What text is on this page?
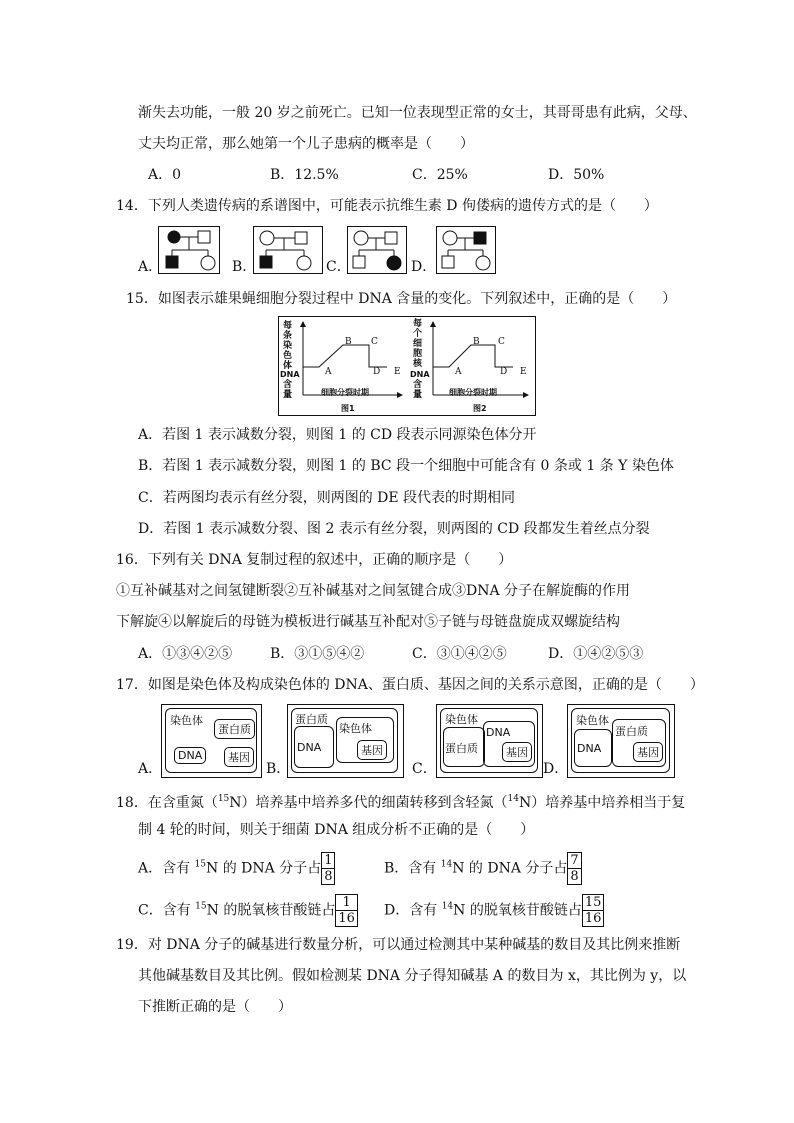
渐失去功能，一般 20 岁之前死亡。已知一位表现型正常的女士，其哥哥患有此病，父母、
丈夫均正常，那么她第一个儿子患病的概率是（　　）
A．0	B．12.5%	C．25%	D．50%
14．下列人类遗传病的系谱图中，可能表示抗维生素 D 佝偻病的遗传方式的是（　　）
A．	B．	C．	D．
15．如图表示雄果蝇细胞分裂过程中 DNA 含量的变化。下列叙述中，正确的是（　　）
每
条
染
色
体
DNA
含
量
A
B C
D E
细胞分裂时期
图1
每
个
细
胞
核
DNA
含
量
A
B C
D E
细胞分裂时期
图2
A．若图 1 表示减数分裂，则图 1 的 CD 段表示同源染色体分开
B．若图 1 表示减数分裂，则图 1 的 BC 段一个细胞中可能含有 0 条或 1 条 Y 染色体
C．若两图均表示有丝分裂，则两图的 DE 段代表的时期相同
D．若图 1 表示减数分裂、图 2 表示有丝分裂，则两图的 CD 段都发生着丝点分裂
16．下列有关 DNA 复制过程的叙述中，正确的顺序是（　　）
①互补碱基对之间氢键断裂②互补碱基对之间氢键合成③DNA 分子在解旋酶的作用
下解旋④以解旋后的母链为模板进行碱基互补配对⑤子链与母链盘旋成双螺旋结构
A．①③④②⑤	B．③①⑤④②	C．③①④②⑤	D．①④②⑤③
17．如图是染色体及构成染色体的 DNA、蛋白质、基因之间的关系示意图，正确的是（　　）
A．	B．	C．	D．
染色体
蛋白质
DNA	基因
蛋白质
DNA
染色体
基因
染色体
蛋白质
DNA
基因
染色体
DNA
蛋白质
基因
18．在含重氮（$^{15}$N）培养基中培养多代的细菌转移到含轻氮（$^{14}$N）培养基中培养相当于复
制 4 轮的时间，则关于细菌 DNA 组成分析不正确的是（　　）
A．含有 $^{15}$N 的 DNA 分子占 $\frac{1}{8}$	B．含有 $^{14}$N 的 DNA 分子占 $\frac{7}{8}$
C．含有 $^{15}$N 的脱氧核苷酸链占 $\frac{1}{16}$ D．含有 $^{14}$N 的脱氧核苷酸链占 $\frac{15}{16}$
19．对 DNA 分子的碱基进行数量分析，可以通过检测其中某种碱基的数目及其比例来推断
其他碱基数目及其比例。假如检测某 DNA 分子得知碱基 A 的数目为 x，其比例为 y，以
下推断正确的是（　　）
